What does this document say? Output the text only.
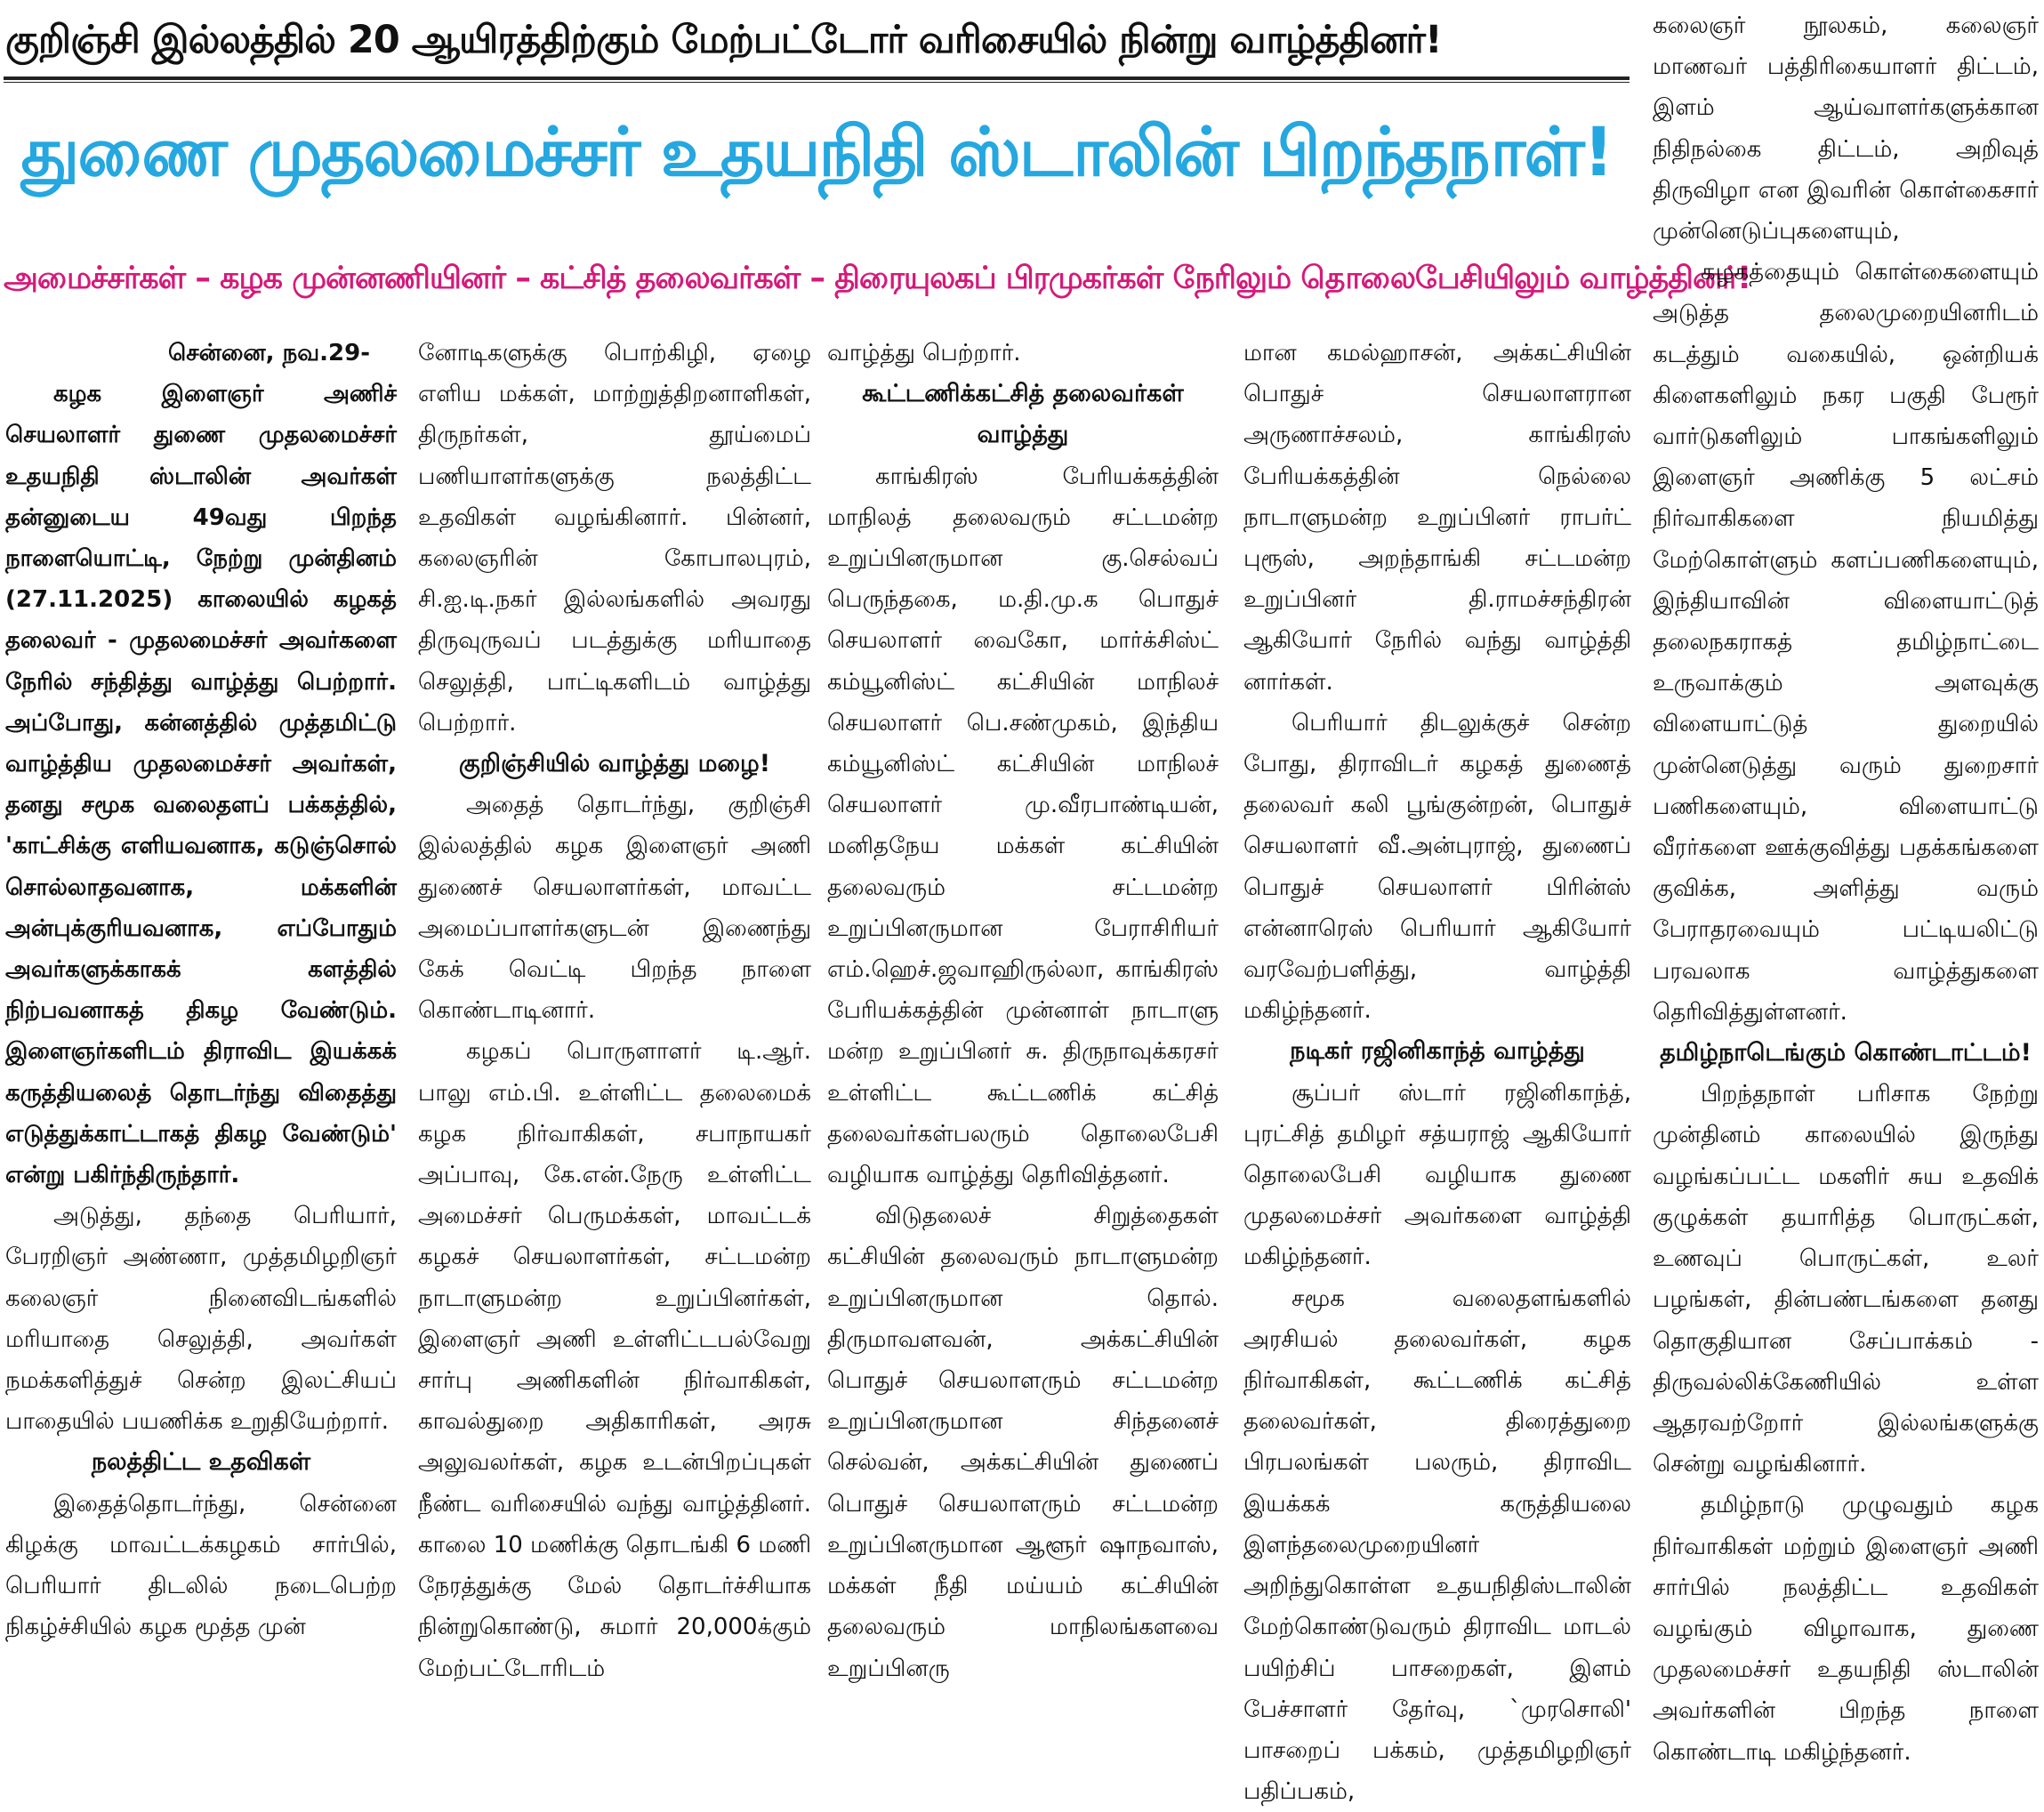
குறிஞ்சி இல்லத்தில் 20 ஆயிரத்திற்கும் மேற்பட்டோர் வரிசையில் நின்று வாழ்த்தினர்!
துணை முதலமைச்சர் உதயநிதி ஸ்டாலின் பிறந்தநாள்!
அமைச்சர்கள் – கழக முன்னணியினர் – கட்சித் தலைவர்கள் – திரையுலகப் பிரமுகர்கள் நேரிலும் தொலைபேசியிலும் வாழ்த்தினர்!
சென்னை, நவ.29-

கழக இளைஞர் அணிச் செயலாளர் துணை முதலமைச்சர் உதயநிதி ஸ்டாலின் அவர்கள் தன்னுடைய 49வது பிறந்த நாளையொட்டி, நேற்று முன்தினம் (27.11.2025) காலையில் கழகத் தலைவர் - முதலமைச்சர் அவர்களை நேரில் சந்தித்து வாழ்த்து பெற்றார். அப்போது, கன்னத்தில் முத்தமிட்டு வாழ்த்திய முதலமைச்சர் அவர்கள், தனது சமூக வலைதளப் பக்கத்தில், 'காட்சிக்கு எளியவனாக, கடுஞ்சொல் சொல்லாதவனாக, மக்களின் அன்புக்குரியவனாக, எப்போதும் அவர்களுக்காகக் களத்தில் நிற்பவனாகத் திகழ வேண்டும். இளைஞர்களிடம் திராவிட இயக்கக் கருத்தியலைத் தொடர்ந்து விதைத்து எடுத்துக்காட்டாகத் திகழ வேண்டும்' என்று பகிர்ந்திருந்தார்.

அடுத்து, தந்தை பெரியார், பேரறிஞர் அண்ணா, முத்தமிழறிஞர் கலைஞர் நினைவிடங்களில் மரியாதை செலுத்தி, அவர்கள் நமக்களித்துச் சென்ற இலட்சியப் பாதையில் பயணிக்க உறுதியேற்றார்.

நலத்திட்ட உதவிகள்

இதைத்தொடர்ந்து, சென்னை கிழக்கு மாவட்டக்கழகம் சார்பில், பெரியார் திடலில் நடைபெற்ற நிகழ்ச்சியில் கழக மூத்த முன்

னோடிகளுக்கு பொற்கிழி, ஏழை எளிய மக்கள், மாற்றுத்திறனாளிகள், திருநர்கள், தூய்மைப் பணியாளர்களுக்கு நலத்திட்ட உதவிகள் வழங்கினார். பின்னர், கலைஞரின் கோபாலபுரம், சி.ஐ.டி.நகர் இல்லங்களில் அவரது திருவுருவப் படத்துக்கு மரியாதை செலுத்தி, பாட்டிகளிடம் வாழ்த்து பெற்றார்.

குறிஞ்சியில் வாழ்த்து மழை!

அதைத் தொடர்ந்து, குறிஞ்சி இல்லத்தில் கழக இளைஞர் அணி துணைச் செயலாளர்கள், மாவட்ட அமைப்பாளர்களுடன் இணைந்து கேக் வெட்டி பிறந்த நாளை கொண்டாடினார்.

கழகப் பொருளாளர் டி.ஆர். பாலு எம்.பி. உள்ளிட்ட தலைமைக் கழக நிர்வாகிகள், சபாநாயகர் அப்பாவு, கே.என்.நேரு உள்ளிட்ட அமைச்சர் பெருமக்கள், மாவட்டக் கழகச் செயலாளர்கள், சட்டமன்ற நாடாளுமன்ற உறுப்பினர்கள், இளைஞர் அணி உள்ளிட்டபல்வேறு சார்பு அணிகளின் நிர்வாகிகள், காவல்துறை அதிகாரிகள், அரசு அலுவலர்கள், கழக உடன்பிறப்புகள் நீண்ட வரிசையில் வந்து வாழ்த்தினர். காலை 10 மணிக்கு தொடங்கி 6 மணி நேரத்துக்கு மேல் தொடர்ச்சியாக நின்றுகொண்டு, சுமார் 20,000க்கும் மேற்பட்டோரிடம்

வாழ்த்து பெற்றார்.

கூட்டணிக்கட்சித் தலைவர்கள் வாழ்த்து

காங்கிரஸ் பேரியக்கத்தின் மாநிலத் தலைவரும் சட்டமன்ற உறுப்பினருமான கு.செல்வப் பெருந்தகை, ம.தி.மு.க பொதுச் செயலாளர் வைகோ, மார்க்சிஸ்ட் கம்யூனிஸ்ட் கட்சியின் மாநிலச் செயலாளர் பெ.சண்முகம், இந்திய கம்யூனிஸ்ட் கட்சியின் மாநிலச் செயலாளர் மு.வீரபாண்டியன், மனிதநேய மக்கள் கட்சியின் தலைவரும் சட்டமன்ற உறுப்பினருமான பேராசிரியர் எம்.ஹெச்.ஜவாஹிருல்லா, காங்கிரஸ் பேரியக்கத்தின் முன்னாள் நாடாளு மன்ற உறுப்பினர் சு. திருநாவுக்கரசர் உள்ளிட்ட கூட்டணிக் கட்சித் தலைவர்கள்பலரும் தொலைபேசி வழியாக வாழ்த்து தெரிவித்தனர்.

விடுதலைச் சிறுத்தைகள் கட்சியின் தலைவரும் நாடாளுமன்ற உறுப்பினருமான தொல். திருமாவளவன், அக்கட்சியின் பொதுச் செயலாளரும் சட்டமன்ற உறுப்பினருமான சிந்தனைச் செல்வன், அக்கட்சியின் துணைப் பொதுச் செயலாளரும் சட்டமன்ற உறுப்பினருமான ஆளூர் ஷாநவாஸ், மக்கள் நீதி மய்யம் கட்சியின் தலைவரும் மாநிலங்களவை உறுப்பினரு

மான கமல்ஹாசன், அக்கட்சியின் பொதுச் செயலாளரான அருணாச்சலம், காங்கிரஸ் பேரியக்கத்தின் நெல்லை நாடாளுமன்ற உறுப்பினர் ராபர்ட் புரூஸ், அறந்தாங்கி சட்டமன்ற உறுப்பினர் தி.ராமச்சந்திரன் ஆகியோர் நேரில் வந்து வாழ்த்தி னார்கள்.

பெரியார் திடலுக்குச் சென்ற போது, திராவிடர் கழகத் துணைத் தலைவர் கலி பூங்குன்றன், பொதுச் செயலாளர் வீ.அன்புராஜ், துணைப் பொதுச் செயலாளர் பிரின்ஸ் என்னாரெஸ் பெரியார் ஆகியோர் வரவேற்பளித்து, வாழ்த்தி மகிழ்ந்தனர்.

நடிகர் ரஜினிகாந்த் வாழ்த்து

சூப்பர் ஸ்டார் ரஜினிகாந்த், புரட்சித் தமிழர் சத்யராஜ் ஆகியோர் தொலைபேசி வழியாக துணை முதலமைச்சர் அவர்களை வாழ்த்தி மகிழ்ந்தனர்.

சமூக வலைதளங்களில் அரசியல் தலைவர்கள், கழக நிர்வாகிகள், கூட்டணிக் கட்சித் தலைவர்கள், திரைத்துறை பிரபலங்கள் பலரும், திராவிட இயக்கக் கருத்தியலை இளந்தலைமுறையினர் அறிந்துகொள்ள உதயநிதிஸ்டாலின் மேற்கொண்டுவரும் திராவிட மாடல் பயிற்சிப் பாசறைகள், இளம் பேச்சாளர் தேர்வு, `முரசொலி' பாசறைப் பக்கம், முத்தமிழறிஞர் பதிப்பகம்,

கலைஞர் நூலகம், கலைஞர் மாணவர் பத்திரிகையாளர் திட்டம், இளம் ஆய்வாளர்களுக்கான நிதிநல்கை திட்டம், அறிவுத் திருவிழா என இவரின் கொள்கைசார் முன்னெடுப்புகளையும்,

கழகத்தையும் கொள்கைளையும் அடுத்த தலைமுறையினரிடம் கடத்தும் வகையில், ஒன்றியக் கிளைகளிலும் நகர பகுதி பேரூர் வார்டுகளிலும் பாகங்களிலும் இளைஞர் அணிக்கு 5 லட்சம் நிர்வாகிகளை நியமித்து மேற்கொள்ளும் களப்பணிகளையும், இந்தியாவின் விளையாட்டுத் தலைநகராகத் தமிழ்நாட்டை உருவாக்கும் அளவுக்கு விளையாட்டுத் துறையில் முன்னெடுத்து வரும் துறைசார் பணிகளையும், விளையாட்டு வீரர்களை ஊக்குவித்து பதக்கங்களை குவிக்க, அளித்து வரும் பேராதரவையும் பட்டியலிட்டு பரவலாக வாழ்த்துகளை தெரிவித்துள்ளனர்.

தமிழ்நாடெங்கும் கொண்டாட்டம்!

பிறந்தநாள் பரிசாக நேற்று முன்தினம் காலையில் இருந்து வழங்கப்பட்ட மகளிர் சுய உதவிக் குழுக்கள் தயாரித்த பொருட்கள், உணவுப் பொருட்கள், உலர் பழங்கள், தின்பண்டங்களை தனது தொகுதியான சேப்பாக்கம் - திருவல்லிக்கேணியில் உள்ள ஆதரவற்றோர் இல்லங்களுக்கு சென்று வழங்கினார்.

தமிழ்நாடு முழுவதும் கழக நிர்வாகிகள் மற்றும் இளைஞர் அணி சார்பில் நலத்திட்ட உதவிகள் வழங்கும் விழாவாக, துணை முதலமைச்சர் உதயநிதி ஸ்டாலின் அவர்களின் பிறந்த நாளை கொண்டாடி மகிழ்ந்தனர்.
